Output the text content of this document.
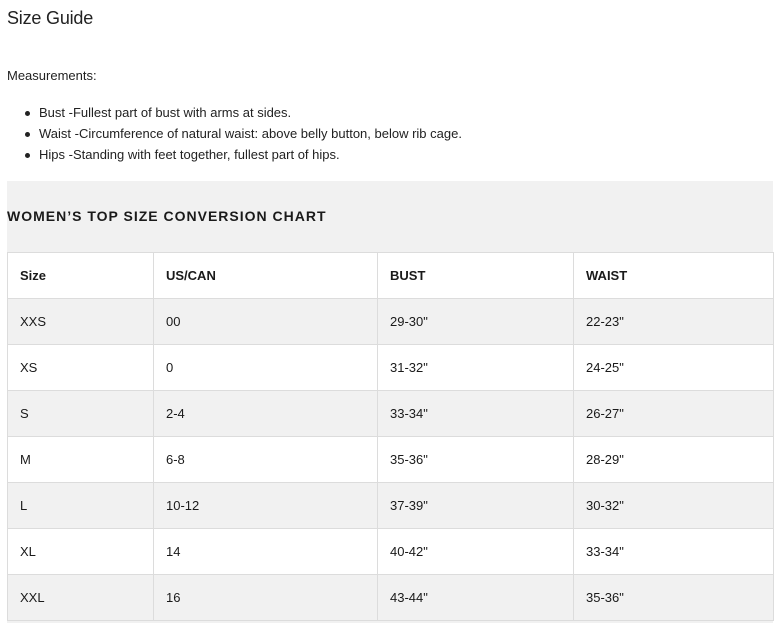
Size Guide

Measurements:

Bust -Fullest part of bust with arms at sides.
Waist -Circumference of natural waist: above belly button, below rib cage.
Hips -Standing with feet together, fullest part of hips.
WOMEN’S TOP SIZE CONVERSION CHART
Size	US/CAN	BUST	WAIST
XXS	00	29-30"	22-23"
XS	0	31-32"	24-25"
S	2-4	33-34"	26-27"
M	6-8	35-36"	28-29"
L	10-12	37-39"	30-32"
XL	14	40-42"	33-34"
XXL	16	43-44"	35-36"
